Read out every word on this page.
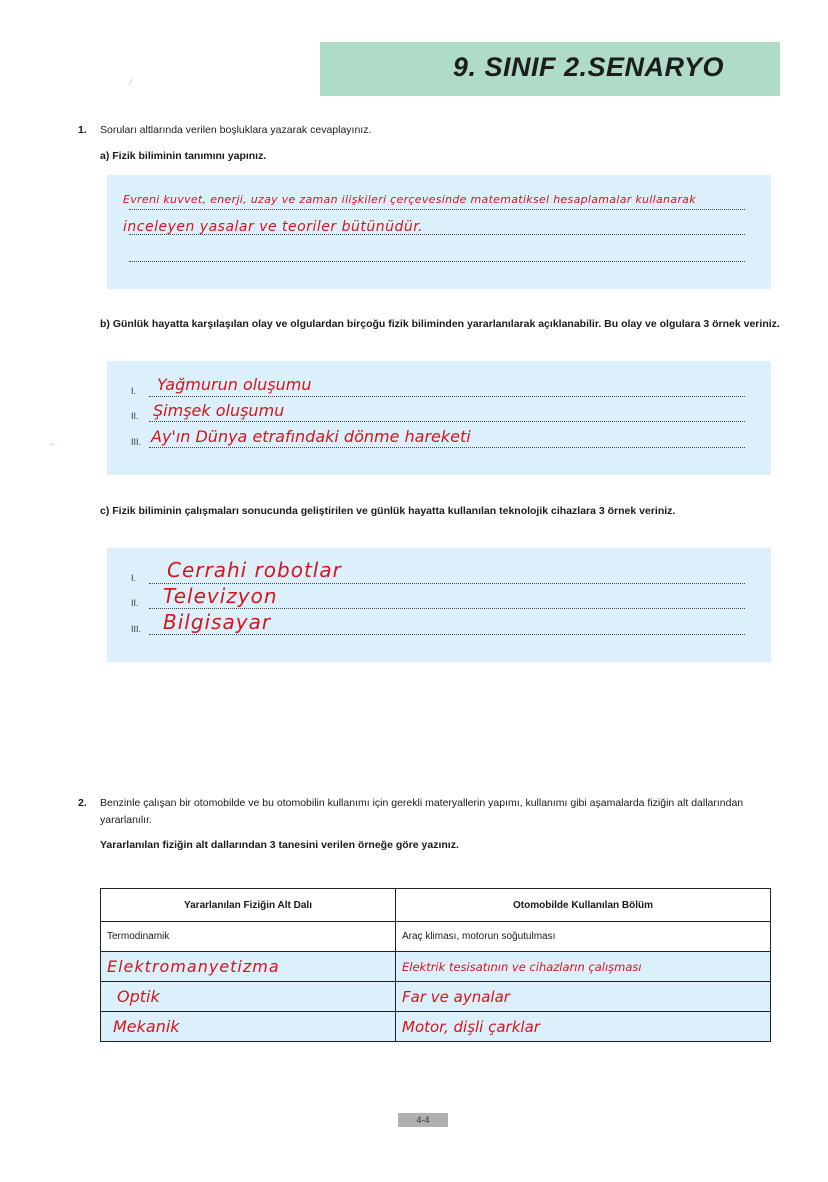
9. SINIF 2.SENARYO
⁄
·
1. Soruları altlarında verilen boşluklara yazarak cevaplayınız.
a) Fizik biliminin tanımını yapınız.
Evreni kuvvet, enerji, uzay ve zaman ilişkileri çerçevesinde matematiksel hesaplamalar kullanarak
inceleyen yasalar ve teoriler bütünüdür.
b) Günlük hayatta karşılaşılan olay ve olgulardan birçoğu fizik biliminden yararlanılarak açıklanabilir. Bu olay ve olgulara 3 örnek veriniz.
I. Yağmurun oluşumu
II. Şimşek oluşumu
III. Ay'ın Dünya etrafındaki dönme hareketi
c) Fizik biliminin çalışmaları sonucunda geliştirilen ve günlük hayatta kullanılan teknolojik cihazlara 3 örnek veriniz.
I. Cerrahi robotlar
II. Televizyon
III. Bilgisayar
2. Benzinle çalışan bir otomobilde ve bu otomobilin kullanımı için gerekli materyallerin yapımı, kullanımı gibi aşamalarda fiziğin alt dallarından yararlanılır.
Yararlanılan fiziğin alt dallarından 3 tanesini verilen örneğe göre yazınız.
Yararlanılan Fiziğin Alt Dalı	Otomobilde Kullanılan Bölüm
Termodinamik	Araç kliması, motorun soğutulması
Elektromanyetizma	Elektrik tesisatının ve cihazların çalışması
Optik	Far ve aynalar
Mekanik	Motor, dişli çarklar
4-4
